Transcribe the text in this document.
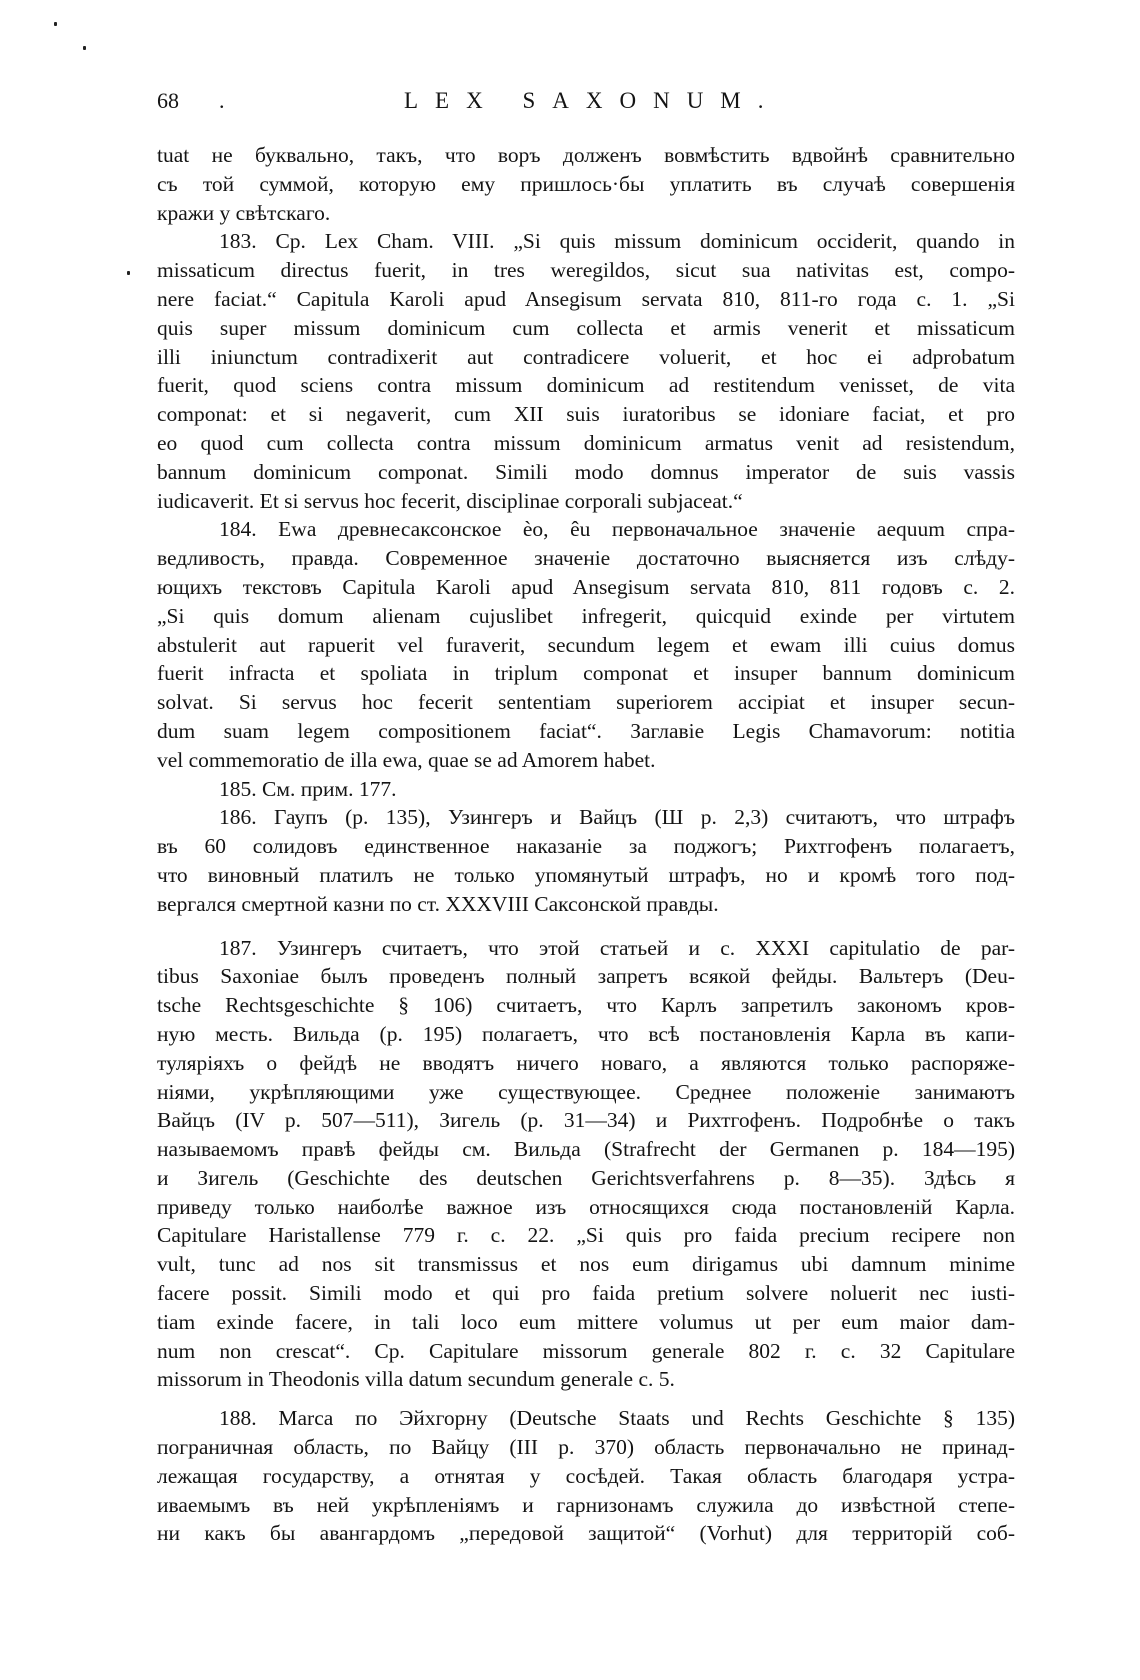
68 .	LEX SAXONUM.
tuat не буквально, такъ, что воръ долженъ вовмѣстить вдвойнѣ сравнительно
съ той суммой, которую ему пришлось·бы уплатить въ случаѣ совершенія
кражи у свѣтскаго.
183. Ср. Lex Cham. VIII. „Si quis missum dominicum occiderit, quando in
missaticum directus fuerit, in tres weregildos, sicut sua nativitas est, compo-
nere faciat.“ Capitula Karoli apud Ansegisum servata 810, 811-го года с. 1. „Si
quis super missum dominicum cum collecta et armis venerit et missaticum
illi iniunctum contradixerit aut contradicere voluerit, et hoc ei adprobatum
fuerit, quod sciens contra missum dominicum ad restitendum venisset, de vita
componat: et si negaverit, cum XII suis iuratoribus se idoniare faciat, et pro
eo quod cum collecta contra missum dominicum armatus venit ad resistendum,
bannum dominicum componat. Simili modo domnus imperator de suis vassis
iudicaverit. Et si servus hoc fecerit, disciplinae corporali subjaceat.“
184. Ewa древнесаксонское èo, êu первоначальное значеніе aequum спра-
ведливость, правда. Современное значеніе достаточно выясняется изъ слѣду-
ющихъ текстовъ Capitula Karoli apud Ansegisum servata 810, 811 годовъ с. 2.
„Si quis domum alienam cujuslibet infregerit, quicquid exinde per virtutem
abstulerit aut rapuerit vel furaverit, secundum legem et ewam illi cuius domus
fuerit infracta et spoliata in triplum componat et insuper bannum dominicum
solvat. Si servus hoc fecerit sententiam superiorem accipiat et insuper secun-
dum suam legem compositionem faciat“. Заглавіе Legis Chamavorum: notitia
vel commemoratio de illa ewa, quae se ad Amorem habet.
185. См. прим. 177.
186. Гаупъ (p. 135), Узингеръ и Вайцъ (Ш p. 2,3) считаютъ, что штрафъ
въ 60 солидовъ единственное наказаніе за поджогъ; Рихтгофенъ полагаетъ,
что виновный платилъ не только упомянутый штрафъ, но и кромѣ того под-
вергался смертной казни по ст. XXXVIII Саксонской правды.
187. Узингеръ считаетъ, что этой статьей и с. XXXI capitulatio de par-
tibus Saxoniae былъ проведенъ полный запретъ всякой фейды. Вальтеръ (Deu-
tsche Rechtsgeschichte § 106) считаетъ, что Карлъ запретилъ закономъ кров-
ную месть. Вильда (p. 195) полагаетъ, что всѣ постановленія Карла въ капи-
туляріяхъ о фейдѣ не вводятъ ничего новаго, а являются только распоряже-
ніями, укрѣпляющими уже существующее. Среднее положеніе занимаютъ
Вайцъ (IV p. 507—511), Зигель (p. 31—34) и Рихтгофенъ. Подробнѣе о такъ
называемомъ правѣ фейды см. Вильда (Strafrecht der Germanen p. 184—195)
и Зигель (Geschichte des deutschen Gerichtsverfahrens p. 8—35). Здѣсь я
приведу только наиболѣе важное изъ относящихся сюда постановленій Карла.
Capitulare Haristallense 779 г. с. 22. „Si quis pro faida precium recipere non
vult, tunc ad nos sit transmissus et nos eum dirigamus ubi damnum minime
facere possit. Simili modo et qui pro faida pretium solvere noluerit nec iusti-
tiam exinde facere, in tali loco eum mittere volumus ut per eum maior dam-
num non crescat“. Ср. Capitulare missorum generale 802 г. с. 32 Capitulare
missorum in Theodonis villa datum secundum generale с. 5.
188. Marca по Эйхгорну (Deutsche Staats und Rechts Geschichte § 135)
пограничная область, по Вайцу (III p. 370) область первоначально не принад-
лежащая государству, а отнятая у сосѣдей. Такая область благодаря устра-
иваемымъ въ ней укрѣпленіямъ и гарнизонамъ служила до извѣстной степе-
ни какъ бы авангардомъ „передовой защитой“ (Vorhut) для территорій соб-
